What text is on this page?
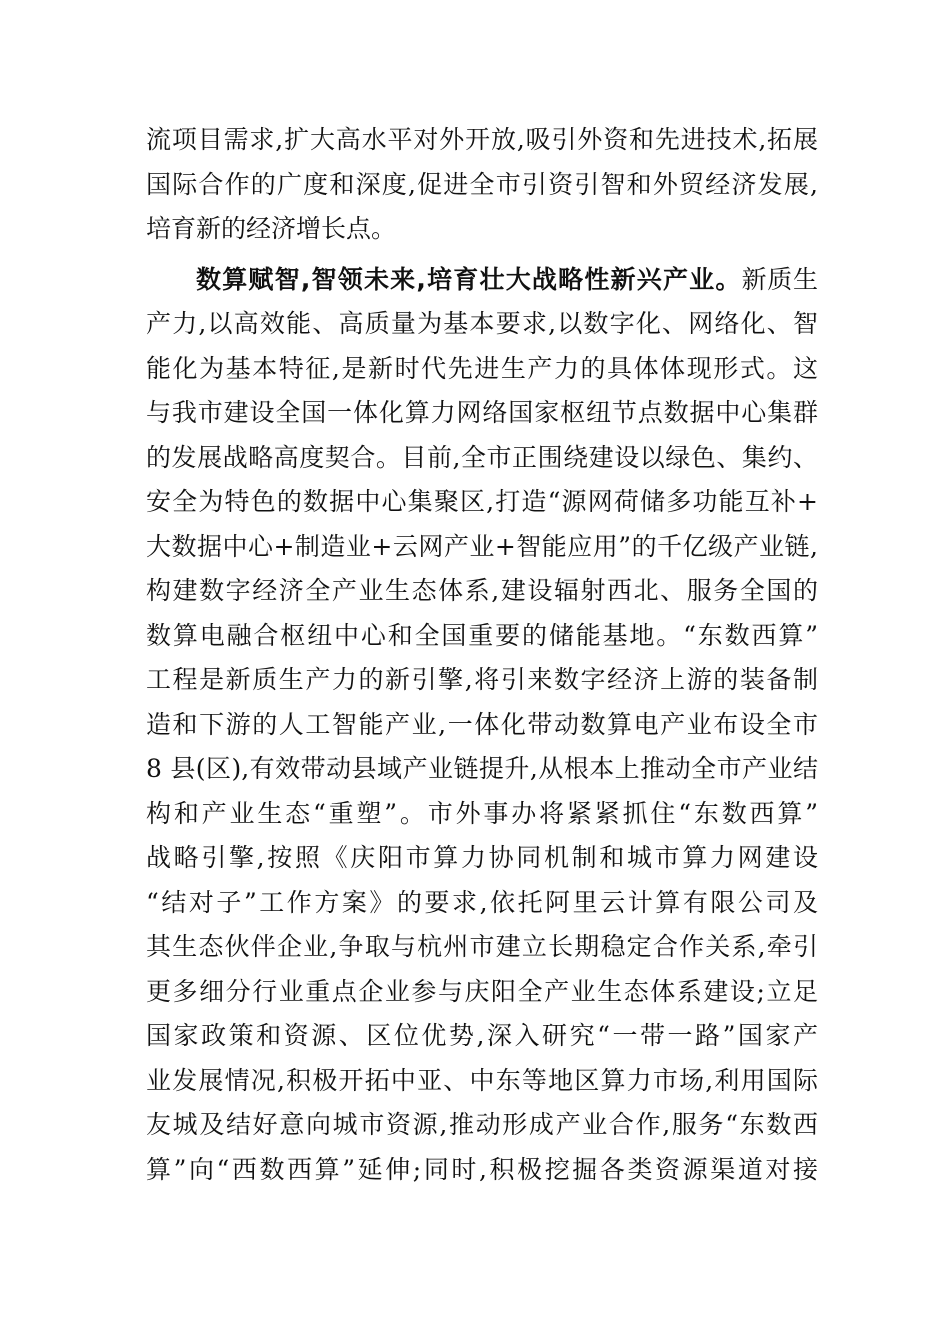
流项目需求,扩大高水平对外开放,吸引外资和先进技术,拓展
国际合作的广度和深度,促进全市引资引智和外贸经济发展,
培育新的经济增长点。
数算赋智,智领未来,培育壮大战略性新兴产业。新质生
产力,以高效能、高质量为基本要求,以数字化、网络化、智
能化为基本特征,是新时代先进生产力的具体体现形式。这
与我市建设全国一体化算力网络国家枢纽节点数据中心集群
的发展战略高度契合。目前,全市正围绕建设以绿色、集约、
安全为特色的数据中心集聚区,打造“源网荷储多功能互补+
大数据中心+制造业+云网产业+智能应用”的千亿级产业链,
构建数字经济全产业生态体系,建设辐射西北、服务全国的
数算电融合枢纽中心和全国重要的储能基地。“东数西算”
工程是新质生产力的新引擎,将引来数字经济上游的装备制
造和下游的人工智能产业,一体化带动数算电产业布设全市
8 县(区),有效带动县域产业链提升,从根本上推动全市产业结
构和产业生态“重塑”。市外事办将紧紧抓住“东数西算”
战略引擎,按照《庆阳市算力协同机制和城市算力网建设
“结对子”工作方案》的要求,依托阿里云计算有限公司及
其生态伙伴企业,争取与杭州市建立长期稳定合作关系,牵引
更多细分行业重点企业参与庆阳全产业生态体系建设;立足
国家政策和资源、区位优势,深入研究“一带一路”国家产
业发展情况,积极开拓中亚、中东等地区算力市场,利用国际
友城及结好意向城市资源,推动形成产业合作,服务“东数西
算”向“西数西算”延伸;同时,积极挖掘各类资源渠道对接
